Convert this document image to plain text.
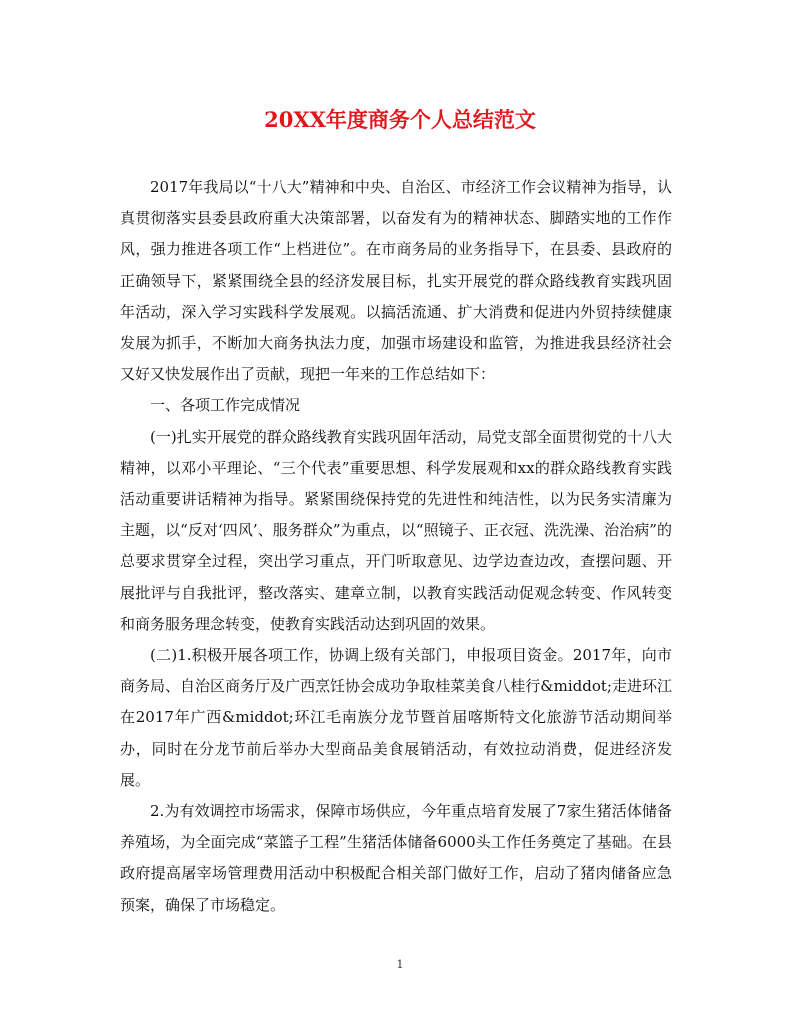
20XX年度商务个人总结范文

2017年我局以“十八大”精神和中央、自治区、市经济工作会议精神为指导，认真贯彻落实县委县政府重大决策部署，以奋发有为的精神状态、脚踏实地的工作作风，强力推进各项工作“上档进位”。在市商务局的业务指导下，在县委、县政府的正确领导下，紧紧围绕全县的经济发展目标，扎实开展党的群众路线教育实践巩固年活动，深入学习实践科学发展观。以搞活流通、扩大消费和促进内外贸持续健康发展为抓手，不断加大商务执法力度，加强市场建设和监管，为推进我县经济社会又好又快发展作出了贡献，现把一年来的工作总结如下：

一、各项工作完成情况

(一)扎实开展党的群众路线教育实践巩固年活动，局党支部全面贯彻党的十八大精神，以邓小平理论、“三个代表”重要思想、科学发展观和xx的群众路线教育实践活动重要讲话精神为指导。紧紧围绕保持党的先进性和纯洁性，以为民务实清廉为主题，以“反对‘四风’、服务群众”为重点，以“照镜子、正衣冠、洗洗澡、治治病”的总要求贯穿全过程，突出学习重点，开门听取意见、边学边查边改，查摆问题、开展批评与自我批评，整改落实、建章立制，以教育实践活动促观念转变、作风转变和商务服务理念转变，使教育实践活动达到巩固的效果。

(二)1.积极开展各项工作，协调上级有关部门，申报项目资金。2017年，向市商务局、自治区商务厅及广西烹饪协会成功争取桂菜美食八桂行&middot;走进环江在2017年广西&middot;环江毛南族分龙节暨首届喀斯特文化旅游节活动期间举办，同时在分龙节前后举办大型商品美食展销活动，有效拉动消费，促进经济发展。

2.为有效调控市场需求，保障市场供应，今年重点培育发展了7家生猪活体储备养殖场，为全面完成“菜篮子工程”生猪活体储备6000头工作任务奠定了基础。在县政府提高屠宰场管理费用活动中积极配合相关部门做好工作，启动了猪肉储备应急预案，确保了市场稳定。

1
